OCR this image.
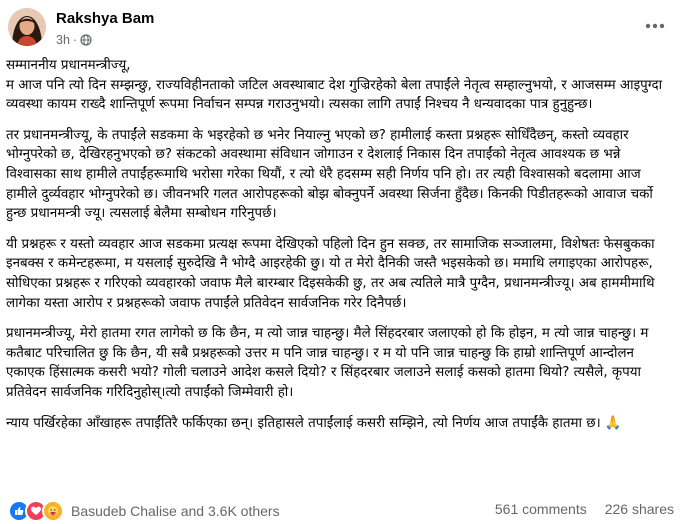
Rakshya Bam
3h ·

सम्माननीय प्रधानमन्त्रीज्यू,
म आज पनि त्यो दिन सम्झन्छु, राज्यविहीनताको जटिल अवस्थाबाट देश गुज्रिरहेको बेला तपाईंले नेतृत्व सम्हाल्नुभयो, र आजसम्म आइपुग्दा व्यवस्था कायम राख्दै शान्तिपूर्ण रूपमा निर्वाचन सम्पन्न गराउनुभयो। त्यसका लागि तपाईं निश्चय नै धन्यवादका पात्र हुनुहुन्छ।

तर प्रधानमन्त्रीज्यू, के तपाईंले सडकमा के भइरहेको छ भनेर नियाल्नु भएको छ? हामीलाई कस्ता प्रश्नहरू सोधिँदैछन्, कस्तो व्यवहार भोग्नुपरेको छ, देखिरहनुभएको छ? संकटको अवस्थामा संविधान जोगाउन र देशलाई निकास दिन तपाईंको नेतृत्व आवश्यक छ भन्ने विश्वासका साथ हामीले तपाईंहरूमाथि भरोसा गरेका थियौं, र त्यो धेरै हदसम्म सही निर्णय पनि हो। तर त्यही विश्वासको बदलामा आज हामीले दुर्व्यवहार भोग्नुपरेको छ। जीवनभरि गलत आरोपहरूको बोझ बोक्नुपर्ने अवस्था सिर्जना हुँदैछ। किनकी पिडीतहरूको आवाज चर्को हुन्छ प्रधानमन्त्री ज्यू। त्यसलाई बेलैमा सम्बोधन गरिनुपर्छ।

यी प्रश्नहरू र यस्तो व्यवहार आज सडकमा प्रत्यक्ष रूपमा देखिएको पहिलो दिन हुन सक्छ, तर सामाजिक सञ्जालमा, विशेषतः फेसबुकका इनबक्स र कमेन्टहरूमा, म यसलाई सुरुदेखि नै भोग्दै आइरहेकी छु। यो त मेरो दैनिकी जस्तै भइसकेको छ। ममाथि लगाइएका आरोपहरू, सोधिएका प्रश्नहरू र गरिएको व्यवहारको जवाफ मैले बारम्बार दिइसकेकी छु, तर अब त्यतिले मात्रै पुग्दैन, प्रधानमन्त्रीज्यू। अब हाममीमाथि लागेका यस्ता आरोप र प्रश्नहरूको जवाफ तपाईंले प्रतिवेदन सार्वजनिक गरेर दिनैपर्छ।

प्रधानमन्त्रीज्यू, मेरो हातमा रगत लागेको छ कि छैन, म त्यो जान्न चाहन्छु। मैले सिंहदरबार जलाएको हो कि होइन, म त्यो जान्न चाहन्छु। म कतैबाट परिचालित छु कि छैन, यी सबै प्रश्नहरूको उत्तर म पनि जान्न चाहन्छु। र म यो पनि जान्न चाहन्छु कि हाम्रो शान्तिपूर्ण आन्दोलन एकाएक हिंसात्मक कसरी भयो? गोली चलाउने आदेश कसले दियो? र सिंहदरबार जलाउने सलाई कसको हातमा थियो? त्यसैले, कृपया प्रतिवेदन सार्वजनिक गरिदिनुहोस्।त्यो तपाईंको जिम्मेवारी हो।

न्याय पर्खिरहेका आँखाहरू तपाईंतिरै फर्किएका छन्। इतिहासले तपाईंलाई कसरी सम्झिने, त्यो निर्णय आज तपाईंकै हातमा छ। 🙏

Basudeb Chalise and 3.6K others	561 comments 226 shares
